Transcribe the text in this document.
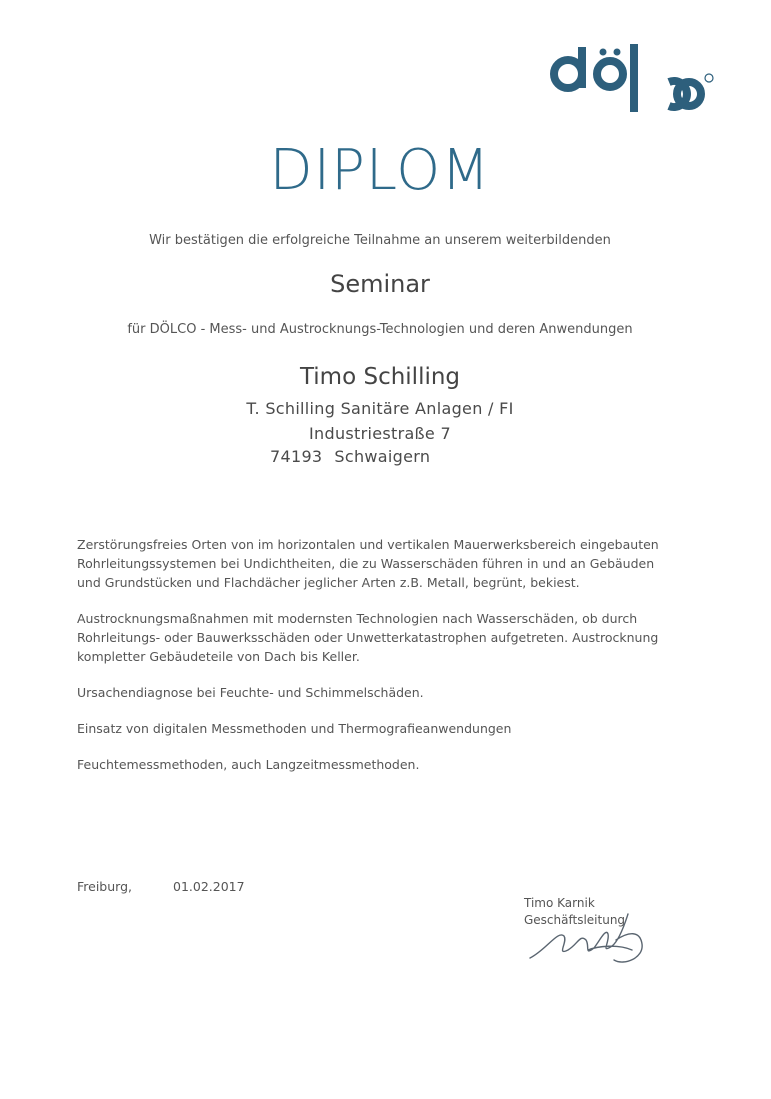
DIPLOM
Wir bestätigen die erfolgreiche Teilnahme an unserem weiterbildenden
Seminar
für DÖLCO - Mess- und Austrocknungs-Technologien und deren Anwendungen
Timo Schilling
T. Schilling Sanitäre Anlagen / FI
Industriestraße 7
74193 Schwaigern

Zerstörungsfreies Orten von im horizontalen und vertikalen Mauerwerksbereich eingebauten Rohrleitungssystemen bei Undichtheiten, die zu Wasserschäden führen in und an Gebäuden und Grundstücken und Flachdächer jeglicher Arten z.B. Metall, begrünt, bekiest.

Austrocknungsmaßnahmen mit modernsten Technologien nach Wasserschäden, ob durch Rohrleitungs- oder Bauwerksschäden oder Unwetterkatastrophen aufgetreten. Austrocknung kompletter Gebäudeteile von Dach bis Keller.

Ursachendiagnose bei Feuchte- und Schimmelschäden.

Einsatz von digitalen Messmethoden und Thermografieanwendungen

Feuchtemessmethoden, auch Langzeitmessmethoden.

Freiburg,	01.02.2017
Timo Karnik
Geschäftsleitung
